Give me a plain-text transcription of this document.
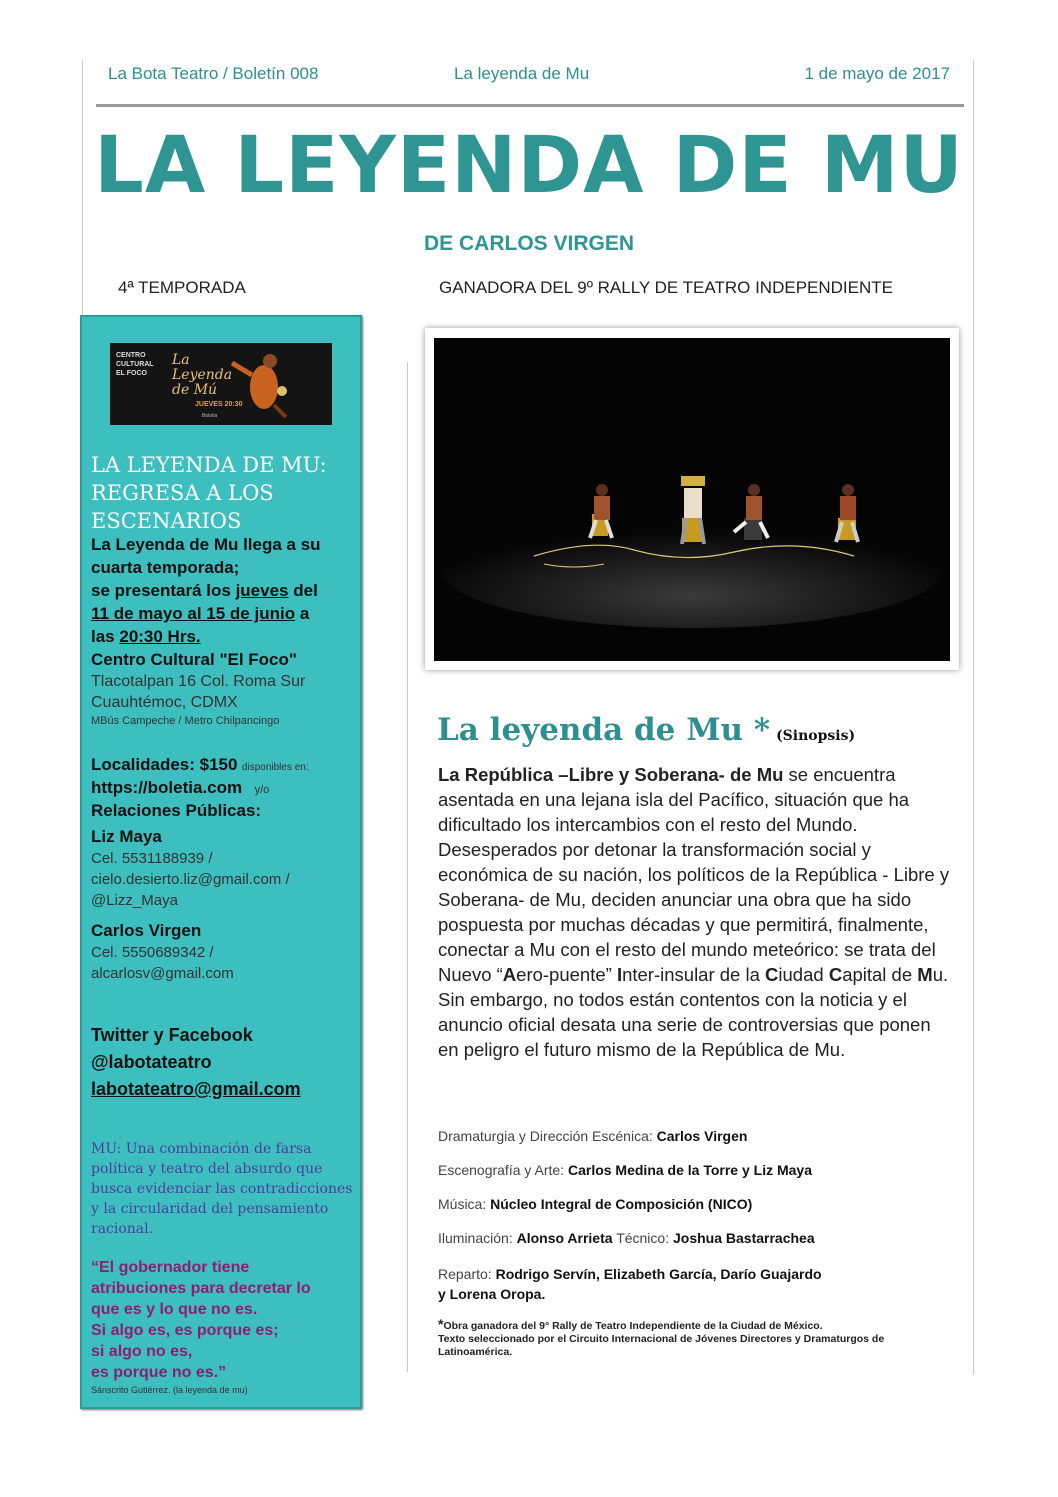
La Bota Teatro / Boletín 008	La leyenda de Mu	1 de mayo de 2017
LA LEYENDA DE MU
DE CARLOS VIRGEN
4ª TEMPORADA	GANADORA DEL 9º RALLY DE TEATRO INDEPENDIENTE
CENTRO CULTURAL EL FOCO
La Leyenda de Mú
JUEVES 20:30
Boletia
LA LEYENDA DE MU: REGRESA A LOS ESCENARIOS
La Leyenda de Mu llega a su cuarta temporada;
se presentará los jueves del
11 de mayo al 15 de junio a
las 20:30 Hrs.
Centro Cultural "El Foco"
Tlacotalpan 16 Col. Roma Sur
Cuauhtémoc, CDMX
MBús Campeche / Metro Chilpancingo
Localidades: $150 disponibles en:
https://boletia.com y/o
Relaciones Públicas:
Liz Maya
Cel. 5531188939 /
cielo.desierto.liz@gmail.com /
@Lizz_Maya
Carlos Virgen
Cel. 5550689342 /
alcarlosv@gmail.com
Twitter y Facebook
@labotateatro
labotateatro@gmail.com
MU: Una combinación de farsa política y teatro del absurdo que busca evidenciar las contradicciones y la circularidad del pensamiento racional.
“El gobernador tiene
atribuciones para decretar lo
que es y lo que no es.
Si algo es, es porque es;
si algo no es,
es porque no es.”
Sánscrito Gutiérrez. (la leyenda de mu)
La leyenda de Mu * (Sinopsis)
La República –Libre y Soberana- de Mu se encuentra asentada en una lejana isla del Pacífico, situación que ha dificultado los intercambios con el resto del Mundo. Desesperados por detonar la transformación social y económica de su nación, los políticos de la República - Libre y Soberana- de Mu, deciden anunciar una obra que ha sido pospuesta por muchas décadas y que permitirá, finalmente, conectar a Mu con el resto del mundo meteórico: se trata del Nuevo “Aero-puente” Inter-insular de la Ciudad Capital de Mu. Sin embargo, no todos están contentos con la noticia y el anuncio oficial desata una serie de controversias que ponen en peligro el futuro mismo de la República de Mu.
Dramaturgia y Dirección Escénica: Carlos Virgen
Escenografía y Arte: Carlos Medina de la Torre y Liz Maya
Música: Núcleo Integral de Composición (NICO)
Iluminación: Alonso Arrieta Técnico: Joshua Bastarrachea
Reparto: Rodrigo Servín, Elizabeth García, Darío Guajardo
y Lorena Oropa.
*Obra ganadora del 9° Rally de Teatro Independiente de la Ciudad de México.
Texto seleccionado por el Circuito Internacional de Jóvenes Directores y Dramaturgos de Latinoamérica.
